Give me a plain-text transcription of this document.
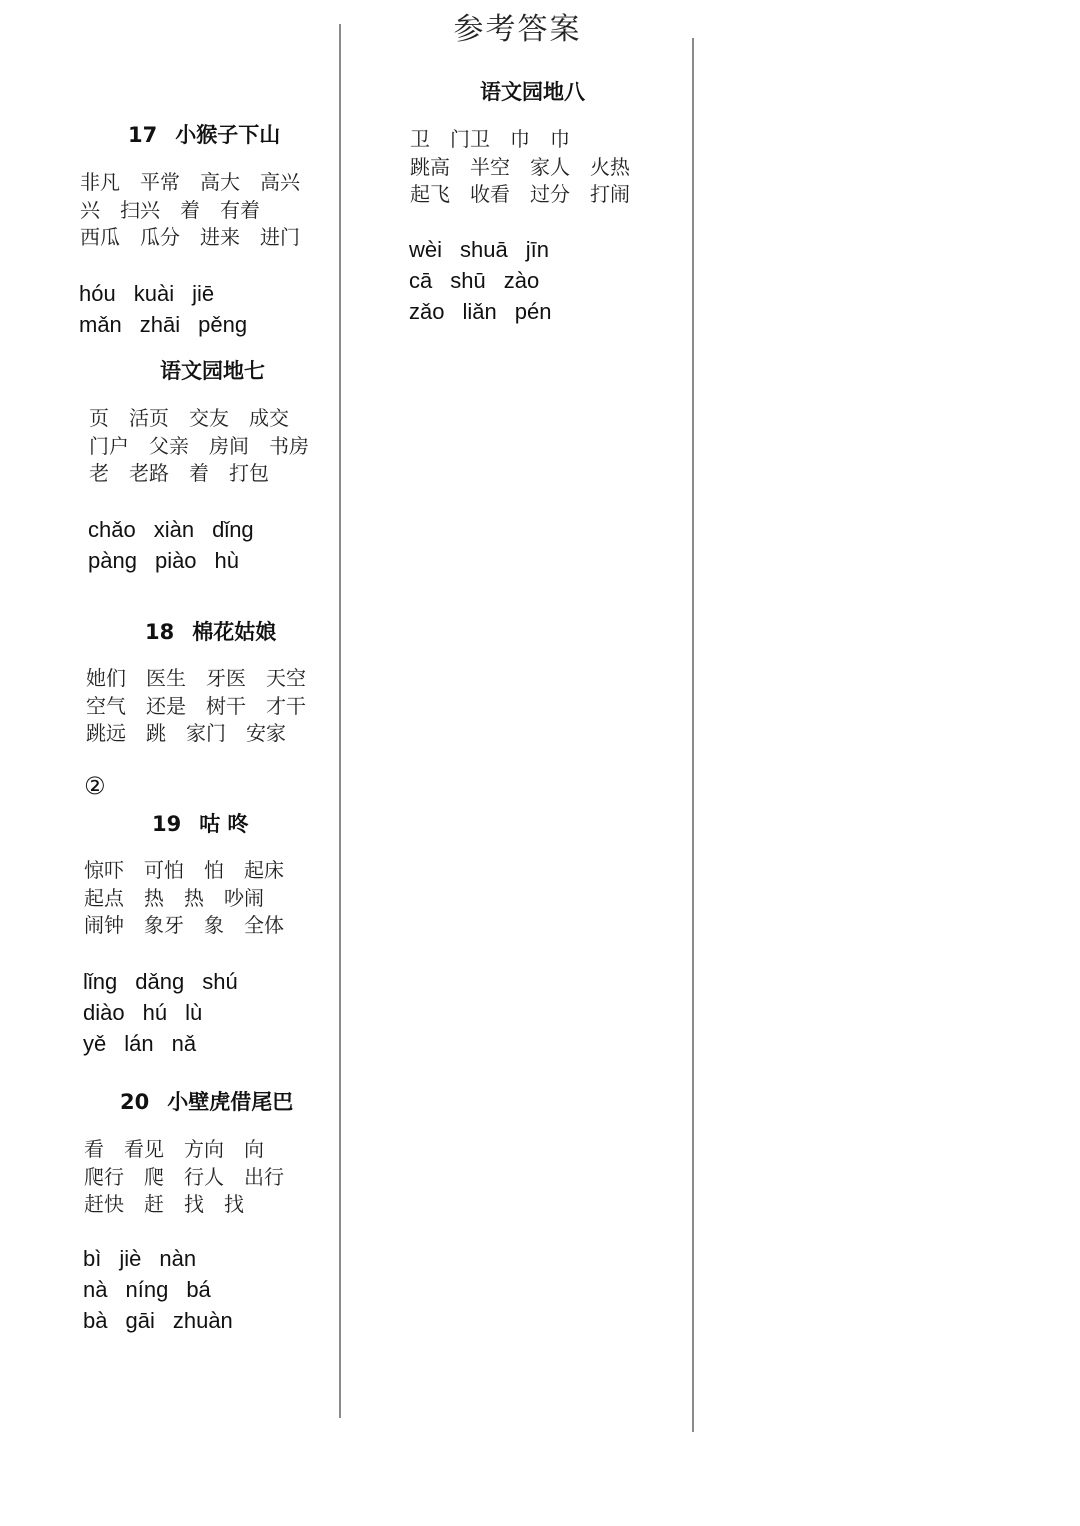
参考答案
17 小猴子下山
非凡 平常 高大 高兴
兴 扫兴 着 有着
西瓜 瓜分 进来 进门
hóu kuài jiē
mǎn zhāi pěng
语文园地七
页 活页 交友 成交
门户 父亲 房间 书房
老 老路 着 打包
chǎo xiàn dǐng
pàng piào hù
18 棉花姑娘
她们 医生 牙医 天空
空气 还是 树干 才干
跳远 跳 家门 安家
②
19 咕 咚
惊吓 可怕 怕 起床
起点 热 热 吵闹
闹钟 象牙 象 全体
lǐng dǎng shú
diào hú lù
yě lán nǎ
20 小壁虎借尾巴
看 看见 方向 向
爬行 爬 行人 出行
赶快 赶 找 找
bì jiè nàn
nà níng bá
bà gāi zhuàn
语文园地八
卫 门卫 巾 巾
跳高 半空 家人 火热
起飞 收看 过分 打闹
wèi shuā jīn
cā shū zào
zǎo liǎn pén
